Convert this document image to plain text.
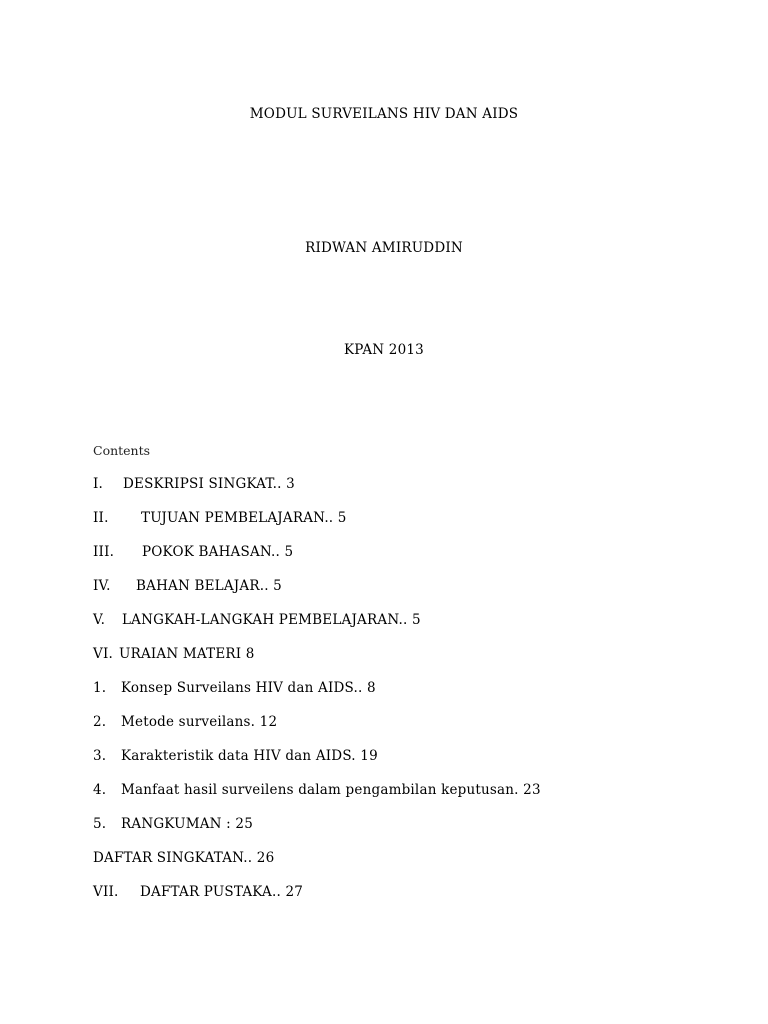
MODUL SURVEILANS HIV DAN AIDS
RIDWAN AMIRUDDIN
KPAN 2013
Contents
I. DESKRIPSI SINGKAT.. 3
II. TUJUAN PEMBELAJARAN.. 5
III. POKOK BAHASAN.. 5
IV. BAHAN BELAJAR.. 5
V. LANGKAH-LANGKAH PEMBELAJARAN.. 5
VI. URAIAN MATERI 8
1. Konsep Surveilans HIV dan AIDS.. 8
2. Metode surveilans. 12
3. Karakteristik data HIV dan AIDS. 19
4. Manfaat hasil surveilens dalam pengambilan keputusan. 23
5. RANGKUMAN : 25
DAFTAR SINGKATAN.. 26
VII. DAFTAR PUSTAKA.. 27
